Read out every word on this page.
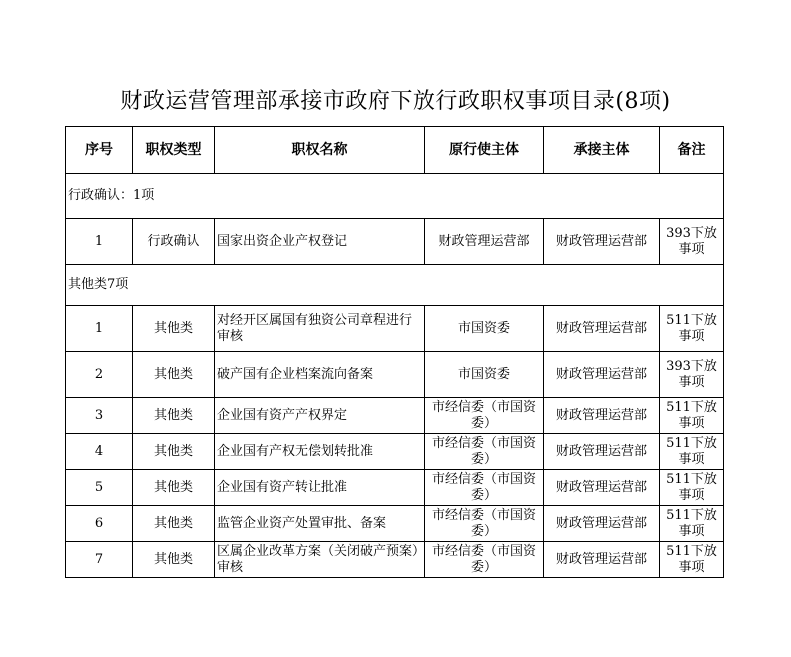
财政运营管理部承接市政府下放行政职权事项目录(8项)
序号	职权类型	职权名称	原行使主体	承接主体	备注
行政确认：1项					
1	行政确认	国家出资企业产权登记	财政管理运营部	财政管理运营部	393下放事项
其他类7项					
1	其他类	对经开区属国有独资公司章程进行审核	市国资委	财政管理运营部	511下放事项
2	其他类	破产国有企业档案流向备案	市国资委	财政管理运营部	393下放事项
3	其他类	企业国有资产产权界定	市经信委（市国资委）	财政管理运营部	511下放事项
4	其他类	企业国有产权无偿划转批准	市经信委（市国资委）	财政管理运营部	511下放事项
5	其他类	企业国有资产转让批准	市经信委（市国资委）	财政管理运营部	511下放事项
6	其他类	监管企业资产处置审批、备案	市经信委（市国资委）	财政管理运营部	511下放事项
7	其他类	区属企业改革方案（关闭破产预案）审核	市经信委（市国资委）	财政管理运营部	511下放事项
